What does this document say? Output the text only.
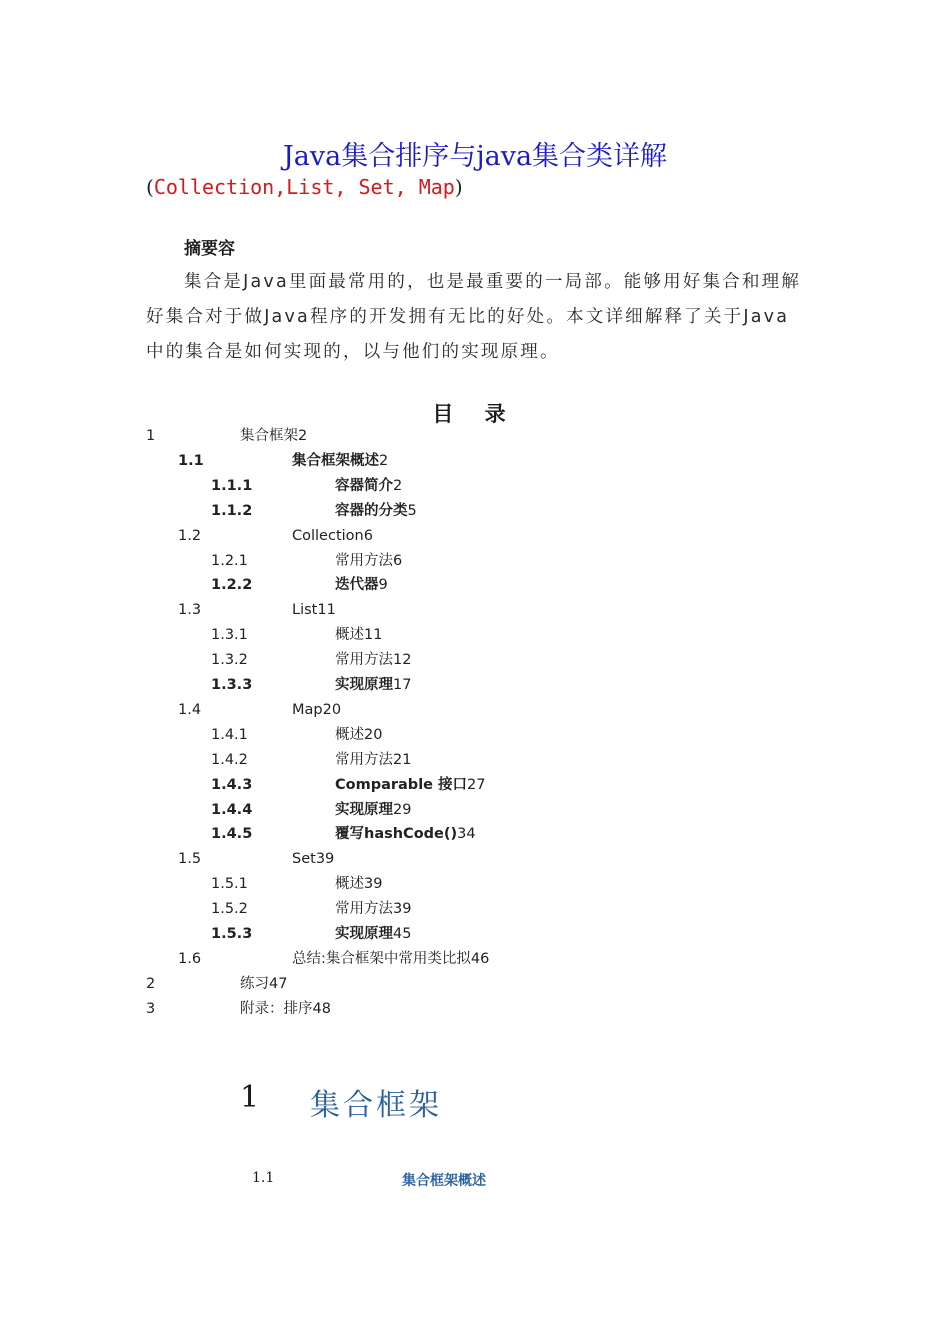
Java集合排序与java集合类详解
(Collection,List, Set, Map)
摘要容
集合是Java里面最常用的，也是最重要的一局部。能够用好集合和理解好集合对于做Java程序的开发拥有无比的好处。本文详细解释了关于Java中的集合是如何实现的，以与他们的实现原理。
目 录
1	集合框架2
1.1	集合框架概述2
1.1.1	容器简介2
1.1.2	容器的分类5
1.2	Collection6
1.2.1	常用方法6
1.2.2	迭代器9
1.3	List11
1.3.1	概述11
1.3.2	常用方法12
1.3.3	实现原理17
1.4	Map20
1.4.1	概述20
1.4.2	常用方法21
1.4.3	Comparable 接口27
1.4.4	实现原理29
1.4.5	覆写hashCode()34
1.5	Set39
1.5.1	概述39
1.5.2	常用方法39
1.5.3	实现原理45
1.6	总结:集合框架中常用类比拟46
2	练习47
3	附录：排序48
1 集合框架
1.1	集合框架概述
